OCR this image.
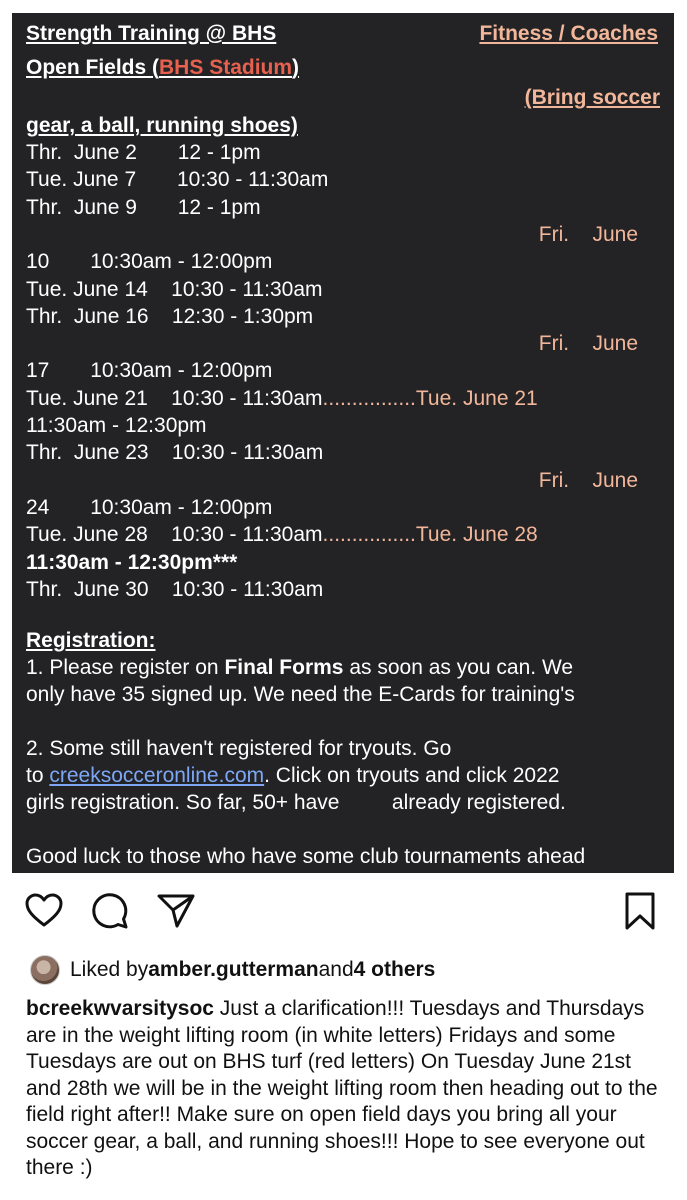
Strength Training @ BHS	Fitness / Coaches
Open Fields (BHS Stadium)
(Bring soccer
gear, a ball, running shoes)
Thr.  June 2       12 - 1pm
Tue. June 7       10:30 - 11:30am
Thr.  June 9       12 - 1pm
Fri.    June
10       10:30am - 12:00pm
Tue. June 14    10:30 - 11:30am
Thr.  June 16    12:30 - 1:30pm
Fri.    June
17       10:30am - 12:00pm
Tue. June 21    10:30 - 11:30am................Tue. June 21
11:30am - 12:30pm
Thr.  June 23    10:30 - 11:30am
Fri.    June
24       10:30am - 12:00pm
Tue. June 28    10:30 - 11:30am................Tue. June 28
11:30am - 12:30pm***
Thr.  June 30    10:30 - 11:30am
Registration:
1. Please register on Final Forms as soon as you can. We
only have 35 signed up. We need the E-Cards for training's
2. Some still haven't registered for tryouts. Go
to creeksocceronline.com. Click on tryouts and click 2022
girls registration. So far, 50+ have         already registered.
Good luck to those who have some club tournaments ahead
Liked by amber.gutterman and 4 others
bcreekwvarsitysoc Just a clarification!!! Tuesdays and Thursdays are in the weight lifting room (in white letters) Fridays and some Tuesdays are out on BHS turf (red letters) On Tuesday June 21st and 28th we will be in the weight lifting room then heading out to the field right after!! Make sure on open field days you bring all your soccer gear, a ball, and running shoes!!! Hope to see everyone out there :)
